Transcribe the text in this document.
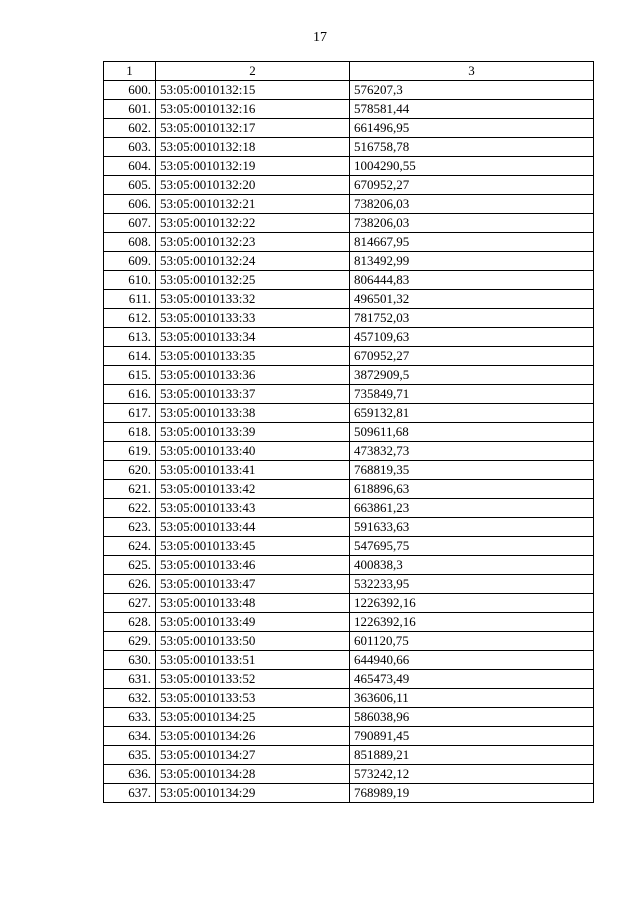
17
1	2	3
600.	53:05:0010132:15	576207,3
601.	53:05:0010132:16	578581,44
602.	53:05:0010132:17	661496,95
603.	53:05:0010132:18	516758,78
604.	53:05:0010132:19	1004290,55
605.	53:05:0010132:20	670952,27
606.	53:05:0010132:21	738206,03
607.	53:05:0010132:22	738206,03
608.	53:05:0010132:23	814667,95
609.	53:05:0010132:24	813492,99
610.	53:05:0010132:25	806444,83
611.	53:05:0010133:32	496501,32
612.	53:05:0010133:33	781752,03
613.	53:05:0010133:34	457109,63
614.	53:05:0010133:35	670952,27
615.	53:05:0010133:36	3872909,5
616.	53:05:0010133:37	735849,71
617.	53:05:0010133:38	659132,81
618.	53:05:0010133:39	509611,68
619.	53:05:0010133:40	473832,73
620.	53:05:0010133:41	768819,35
621.	53:05:0010133:42	618896,63
622.	53:05:0010133:43	663861,23
623.	53:05:0010133:44	591633,63
624.	53:05:0010133:45	547695,75
625.	53:05:0010133:46	400838,3
626.	53:05:0010133:47	532233,95
627.	53:05:0010133:48	1226392,16
628.	53:05:0010133:49	1226392,16
629.	53:05:0010133:50	601120,75
630.	53:05:0010133:51	644940,66
631.	53:05:0010133:52	465473,49
632.	53:05:0010133:53	363606,11
633.	53:05:0010134:25	586038,96
634.	53:05:0010134:26	790891,45
635.	53:05:0010134:27	851889,21
636.	53:05:0010134:28	573242,12
637.	53:05:0010134:29	768989,19
